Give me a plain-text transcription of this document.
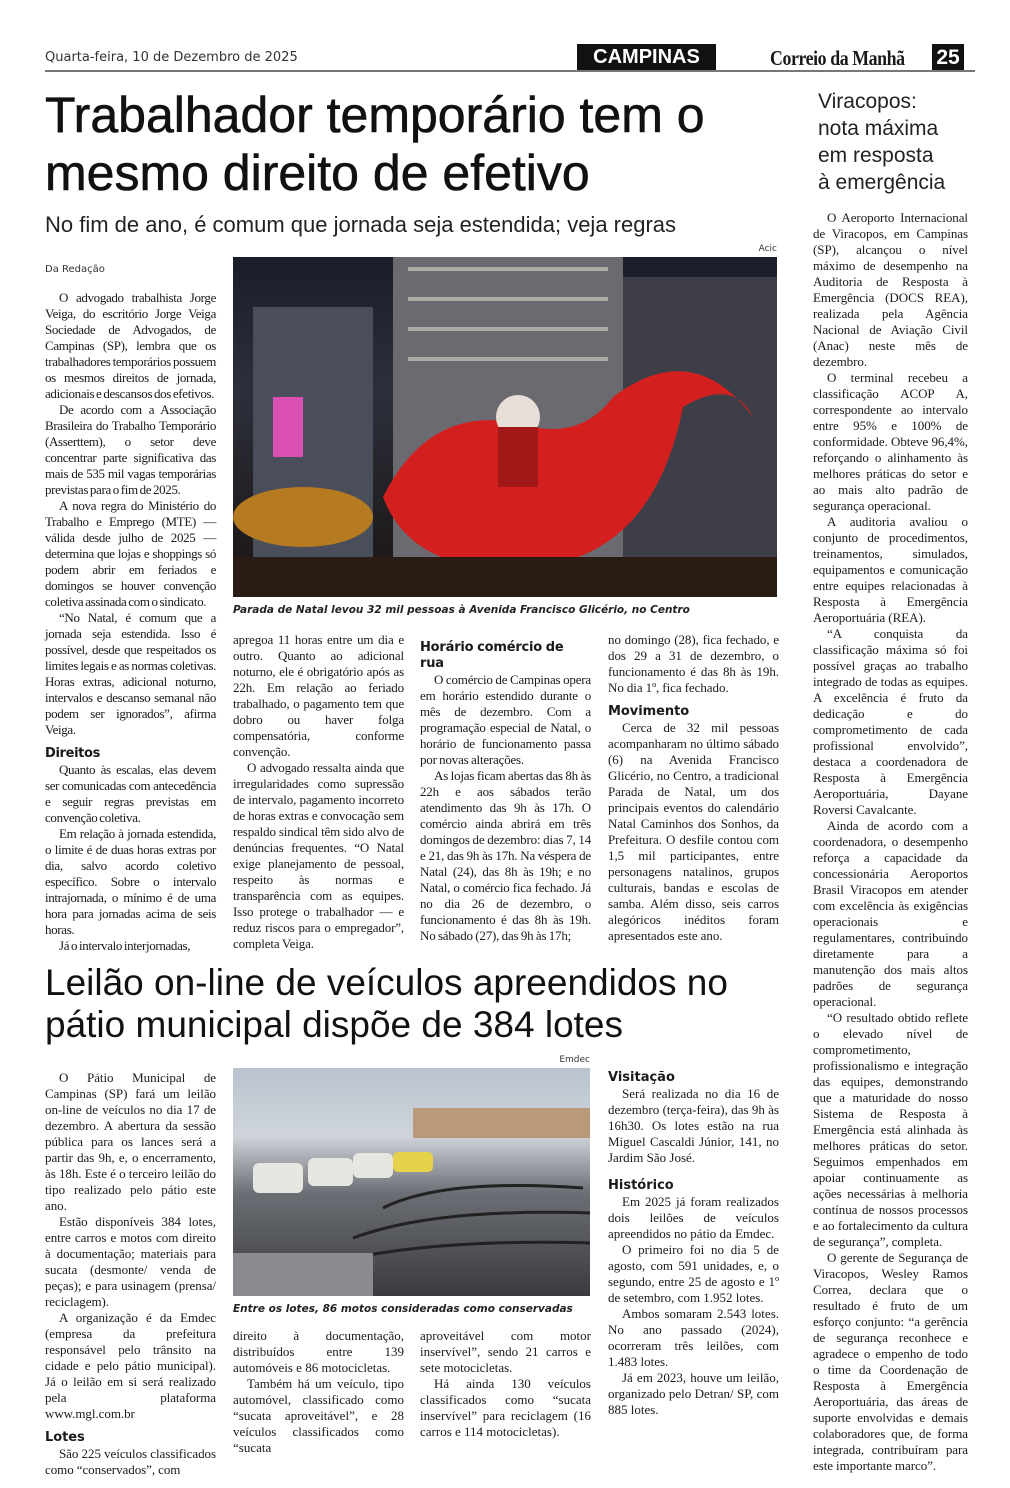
Quarta-feira, 10 de Dezembro de 2025	CAMPINAS	Correio da Manhã 25
Trabalhador temporário tem o mesmo direito de efetivo
No fim de ano, é comum que jornada seja estendida; veja regras
Da Redação
Acic
Parada de Natal levou 32 mil pessoas à Avenida Francisco Glicério, no Centro

O advogado trabalhista Jorge Veiga, do escritório Jorge Veiga Sociedade de Advogados, de Campinas (SP), lembra que os trabalhadores temporários possuem os mesmos direitos de jornada, adicionais e descansos dos efetivos.

De acordo com a Associação Brasileira do Trabalho Temporário (Asserttem), o setor deve concentrar parte significativa das mais de 535 mil vagas temporárias previstas para o fim de 2025.

A nova regra do Ministério do Trabalho e Emprego (MTE) — válida desde julho de 2025 — determina que lojas e shoppings só podem abrir em feriados e domingos se houver convenção coletiva assinada com o sindicato.

“No Natal, é comum que a jornada seja estendida. Isso é possível, desde que respeitados os limites legais e as normas coletivas. Horas extras, adicional noturno, intervalos e descanso semanal não podem ser ignorados”, afirma Veiga.

Direitos

Quanto às escalas, elas devem ser comunicadas com antecedência e seguir regras previstas em convenção coletiva.

Em relação à jornada estendida, o limite é de duas horas extras por dia, salvo acordo coletivo específico. Sobre o intervalo intrajornada, o mínimo é de uma hora para jornadas acima de seis horas.

Já o intervalo interjornadas,

apregoa 11 horas entre um dia e outro. Quanto ao adicional noturno, ele é obrigatório após as 22h. Em relação ao feriado trabalhado, o pagamento tem que dobro ou haver folga compensatória, conforme convenção.

O advogado ressalta ainda que irregularidades como supressão de intervalo, pagamento incorreto de horas extras e convocação sem respaldo sindical têm sido alvo de denúncias frequentes. “O Natal exige planejamento de pessoal, respeito às normas e transparência com as equipes. Isso protege o trabalhador — e reduz riscos para o empregador”, completa Veiga.

Horário comércio de rua

O comércio de Campinas opera em horário estendido durante o mês de dezembro. Com a programação especial de Natal, o horário de funcionamento passa por novas alterações.

As lojas ficam abertas das 8h às 22h e aos sábados terão atendimento das 9h às 17h. O comércio ainda abrirá em três domingos de dezembro: dias 7, 14 e 21, das 9h às 17h. Na véspera de Natal (24), das 8h às 19h; e no Natal, o comércio fica fechado. Já no dia 26 de dezembro, o funcionamento é das 8h às 19h. No sábado (27), das 9h às 17h;

no domingo (28), fica fechado, e dos 29 a 31 de dezembro, o funcionamento é das 8h às 19h. No dia 1º, fica fechado.

Movimento

Cerca de 32 mil pessoas acompanharam no último sábado (6) na Avenida Francisco Glicério, no Centro, a tradicional Parada de Natal, um dos principais eventos do calendário Natal Caminhos dos Sonhos, da Prefeitura. O desfile contou com 1,5 mil participantes, entre personagens natalinos, grupos culturais, bandas e escolas de samba. Além disso, seis carros alegóricos inéditos foram apresentados este ano.

Viracopos:
nota máxima
em resposta
à emergência

O Aeroporto Internacional de Viracopos, em Campinas (SP), alcançou o nível máximo de desempenho na Auditoria de Resposta à Emergência (DOCS REA), realizada pela Agência Nacional de Aviação Civil (Anac) neste mês de dezembro.

O terminal recebeu a classificação ACOP A, correspondente ao intervalo entre 95% e 100% de conformidade. Obteve 96,4%, reforçando o alinhamento às melhores práticas do setor e ao mais alto padrão de segurança operacional.

A auditoria avaliou o conjunto de procedimentos, treinamentos, simulados, equipamentos e comunicação entre equipes relacionadas à Resposta à Emergência Aeroportuária (REA).

“A conquista da classificação máxima só foi possível graças ao trabalho integrado de todas as equipes. A excelência é fruto da dedicação e do comprometimento de cada profissional envolvido”, destaca a coordenadora de Resposta à Emergência Aeroportuária, Dayane Roversi Cavalcante.

Ainda de acordo com a coordenadora, o desempenho reforça a capacidade da concessionária Aeroportos Brasil Viracopos em atender com excelência às exigências operacionais e regulamentares, contribuindo diretamente para a manutenção dos mais altos padrões de segurança operacional.

“O resultado obtido reflete o elevado nível de comprometimento, profissionalismo e integração das equipes, demonstrando que a maturidade do nosso Sistema de Resposta à Emergência está alinhada às melhores práticas do setor. Seguimos empenhados em apoiar continuamente as ações necessárias à melhoria contínua de nossos processos e ao fortalecimento da cultura de segurança”, completa.

O gerente de Segurança de Viracopos, Wesley Ramos Correa, declara que o resultado é fruto de um esforço conjunto: “a gerência de segurança reconhece e agradece o empenho de todo o time da Coordenação de Resposta à Emergência Aeroportuária, das áreas de suporte envolvidas e demais colaboradores que, de forma integrada, contribuíram para este importante marco”.

Leilão on-line de veículos apreendidos no pátio municipal dispõe de 384 lotes
Emdec
Entre os lotes, 86 motos consideradas como conservadas

O Pátio Municipal de Campinas (SP) fará um leilão on-line de veículos no dia 17 de dezembro. A abertura da sessão pública para os lances será a partir das 9h, e, o encerramento, às 18h. Este é o terceiro leilão do tipo realizado pelo pátio este ano.

Estão disponíveis 384 lotes, entre carros e motos com direito à documentação; materiais para sucata (desmonte/ venda de peças); e para usinagem (prensa/ reciclagem).

A organização é da Emdec (empresa da prefeitura responsável pelo trânsito na cidade e pelo pátio municipal). Já o leilão em si será realizado pela plataforma www.mgl.com.br

Lotes

São 225 veículos classificados como “conservados”, com

direito à documentação, distribuídos entre 139 automóveis e 86 motocicletas.

Também há um veículo, tipo automóvel, classificado como “sucata aproveitável”, e 28 veículos classificados como “sucata

aproveitável com motor inservível”, sendo 21 carros e sete motocicletas.

Há ainda 130 veículos classificados como “sucata inservível” para reciclagem (16 carros e 114 motocicletas).

Visitação

Será realizada no dia 16 de dezembro (terça-feira), das 9h às 16h30. Os lotes estão na rua Miguel Cascaldi Júnior, 141, no Jardim São José.

Histórico

Em 2025 já foram realizados dois leilões de veículos apreendidos no pátio da Emdec.

O primeiro foi no dia 5 de agosto, com 591 unidades, e, o segundo, entre 25 de agosto e 1º de setembro, com 1.952 lotes.

Ambos somaram 2.543 lotes. No ano passado (2024), ocorreram três leilões, com 1.483 lotes.

Já em 2023, houve um leilão, organizado pelo Detran/ SP, com 885 lotes.
